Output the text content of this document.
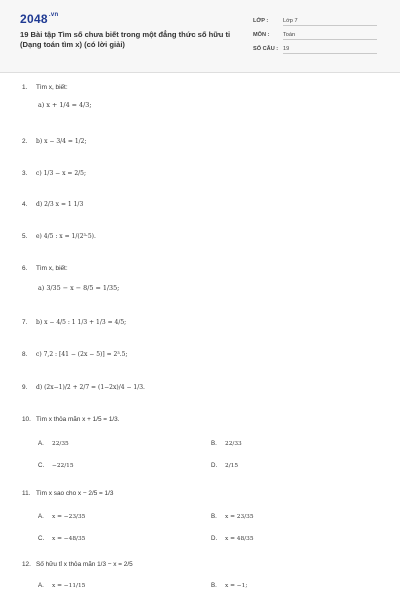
$2048^{.vn}$
19 Bài tập Tìm số chưa biết trong một đẳng thức số hữu tỉ (Dạng toán tìm x) (có lời giải)
LỚP :	Lớp 7
MÔN : Toán
SỐ CÂU : 19
1. Tìm x, biết:
a) x + 1/4 = 4/3;
2. b) x − 3/4 = 1/2;
3. c) 1/3 − x = 2/5;
4. d) 2/3 x = 1 1/3
5. e) 4/5 : x = 1/(2³·5).
6. Tìm x, biết:
a) 3/35 − x − 8/5 = 1/35;
7. b) x − 4/5 : 1 1/3 + 1/3 = 4/5;
8. c) 7,2 : [41 − (2x − 5)] = 2³.5;
9. d) (2x−1)/2 + 2/7 = (1−2x)/4 − 1/3.
10. Tìm x thỏa mãn x + 1/5 = 1/3.
A. 22/35	B. 22/33
C. −22/15	D. 2/15
11. Tìm x sao cho x − 2/5 = 1/3
A. x = −23/35	B. x = 23/35
C. x = −48/35	D. x = 48/35
12. Số hữu tỉ x thỏa mãn 1/3 − x = 2/5
A. x = −11/15	B. x = −1;
